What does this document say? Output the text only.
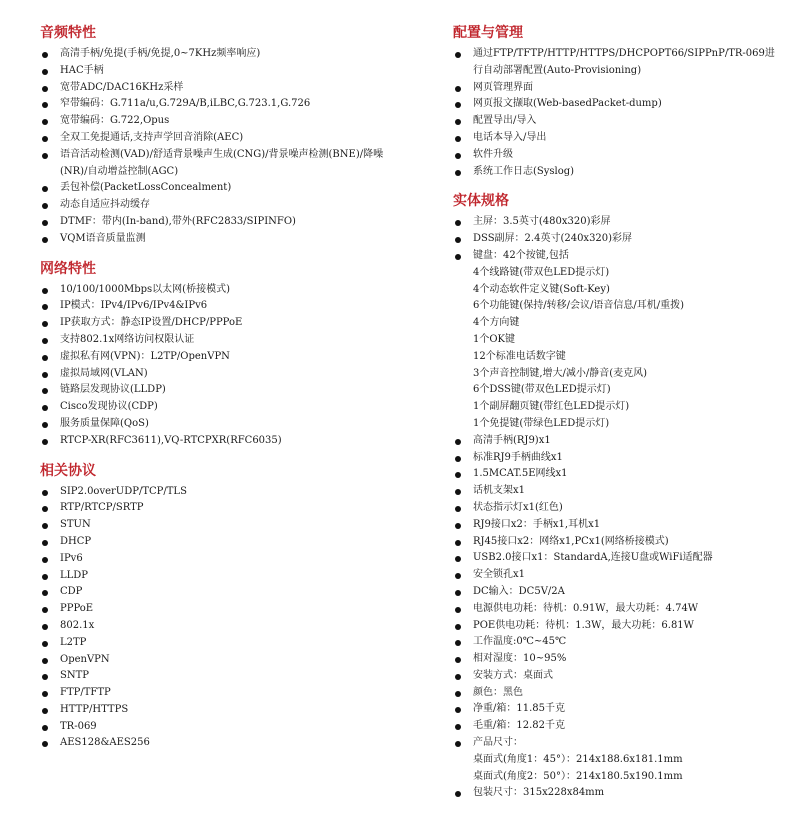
音频特性
高清手柄/免提(手柄/免提,0~7KHz频率响应)
HAC手柄
宽带ADC/DAC16KHz采样
窄带编码：G.711a/u,G.729A/B,iLBC,G.723.1,G.726
宽带编码：G.722,Opus
全双工免提通话,支持声学回音消除(AEC)
语音活动检测(VAD)/舒适背景噪声生成(CNG)/背景噪声检测(BNE)/降噪(NR)/自动增益控制(AGC)
丢包补偿(PacketLossConcealment)
动态自适应抖动缓存
DTMF：带内(In-band),带外(RFC2833/SIPINFO)
VQM语音质量监测
网络特性
10/100/1000Mbps以太网(桥接模式)
IP模式：IPv4/IPv6/IPv4&IPv6
IP获取方式：静态IP设置/DHCP/PPPoE
支持802.1x网络访问权限认证
虚拟私有网(VPN)：L2TP/OpenVPN
虚拟局域网(VLAN)
链路层发现协议(LLDP)
Cisco发现协议(CDP)
服务质量保障(QoS)
RTCP-XR(RFC3611),VQ-RTCPXR(RFC6035)
相关协议
SIP2.0overUDP/TCP/TLS
RTP/RTCP/SRTP
STUN
DHCP
IPv6
LLDP
CDP
PPPoE
802.1x
L2TP
OpenVPN
SNTP
FTP/TFTP
HTTP/HTTPS
TR-069
AES128&AES256
配置与管理
通过FTP/TFTP/HTTP/HTTPS/DHCPOPT66/SIPPnP/TR-069进行自动部署配置(Auto-Provisioning)
网页管理界面
网页报文撷取(Web-basedPacket-dump)
配置导出/导入
电话本导入/导出
软件升级
系统工作日志(Syslog)
实体规格
主屏：3.5英寸(480x320)彩屏
DSS副屏：2.4英寸(240x320)彩屏
键盘：42个按键,包括
4个线路键(带双色LED提示灯)
4个动态软件定义键(Soft-Key)
6个功能键(保持/转移/会议/语音信息/耳机/重拨)
4个方向键
1个OK键
12个标准电话数字键
3个声音控制键,增大/减小/静音(麦克风)
6个DSS键(带双色LED提示灯)
1个副屏翻页键(带红色LED提示灯)
1个免提键(带绿色LED提示灯)
高清手柄(RJ9)x1
标准RJ9手柄曲线x1
1.5MCAT.5E网线x1
话机支架x1
状态指示灯x1(红色)
RJ9接口x2：手柄x1,耳机x1
RJ45接口x2：网络x1,PCx1(网络桥接模式)
USB2.0接口x1：StandardA,连接U盘或WiFi适配器
安全锁孔x1
DC输入：DC5V/2A
电源供电功耗：待机：0.91W，最大功耗：4.74W
POE供电功耗：待机：1.3W，最大功耗：6.81W
工作温度:0℃~45℃
相对湿度：10~95%
安装方式：桌面式
颜色：黑色
净重/箱：11.85千克
毛重/箱：12.82千克
产品尺寸：
桌面式(角度1：45°）：214x188.6x181.1mm
桌面式(角度2：50°）：214x180.5x190.1mm
包装尺寸：315x228x84mm
